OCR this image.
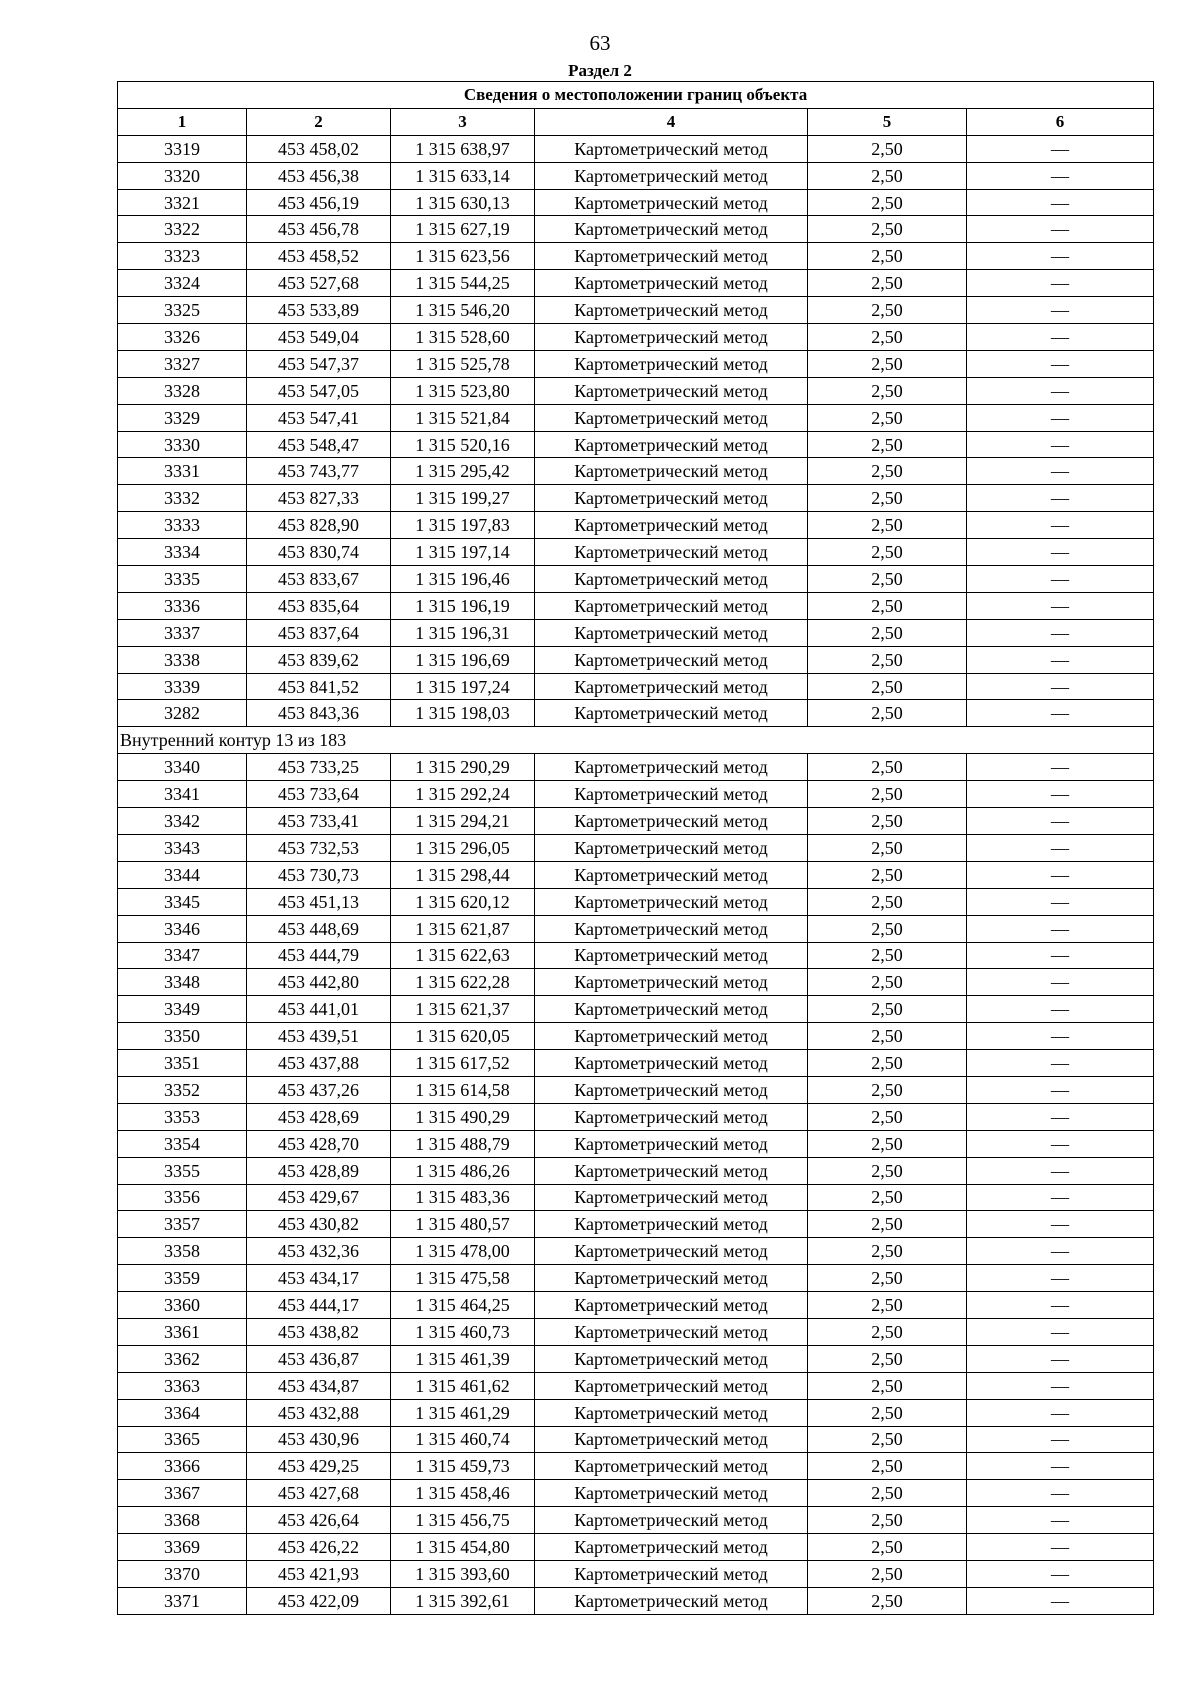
63
Раздел 2
Сведения о местоположении границ объекта					
1	2	3	4	5	6
3319	453 458,02	1 315 638,97	Картометрический метод	2,50	—
3320	453 456,38	1 315 633,14	Картометрический метод	2,50	—
3321	453 456,19	1 315 630,13	Картометрический метод	2,50	—
3322	453 456,78	1 315 627,19	Картометрический метод	2,50	—
3323	453 458,52	1 315 623,56	Картометрический метод	2,50	—
3324	453 527,68	1 315 544,25	Картометрический метод	2,50	—
3325	453 533,89	1 315 546,20	Картометрический метод	2,50	—
3326	453 549,04	1 315 528,60	Картометрический метод	2,50	—
3327	453 547,37	1 315 525,78	Картометрический метод	2,50	—
3328	453 547,05	1 315 523,80	Картометрический метод	2,50	—
3329	453 547,41	1 315 521,84	Картометрический метод	2,50	—
3330	453 548,47	1 315 520,16	Картометрический метод	2,50	—
3331	453 743,77	1 315 295,42	Картометрический метод	2,50	—
3332	453 827,33	1 315 199,27	Картометрический метод	2,50	—
3333	453 828,90	1 315 197,83	Картометрический метод	2,50	—
3334	453 830,74	1 315 197,14	Картометрический метод	2,50	—
3335	453 833,67	1 315 196,46	Картометрический метод	2,50	—
3336	453 835,64	1 315 196,19	Картометрический метод	2,50	—
3337	453 837,64	1 315 196,31	Картометрический метод	2,50	—
3338	453 839,62	1 315 196,69	Картометрический метод	2,50	—
3339	453 841,52	1 315 197,24	Картометрический метод	2,50	—
3282	453 843,36	1 315 198,03	Картометрический метод	2,50	—
Внутренний контур 13 из 183					
3340	453 733,25	1 315 290,29	Картометрический метод	2,50	—
3341	453 733,64	1 315 292,24	Картометрический метод	2,50	—
3342	453 733,41	1 315 294,21	Картометрический метод	2,50	—
3343	453 732,53	1 315 296,05	Картометрический метод	2,50	—
3344	453 730,73	1 315 298,44	Картометрический метод	2,50	—
3345	453 451,13	1 315 620,12	Картометрический метод	2,50	—
3346	453 448,69	1 315 621,87	Картометрический метод	2,50	—
3347	453 444,79	1 315 622,63	Картометрический метод	2,50	—
3348	453 442,80	1 315 622,28	Картометрический метод	2,50	—
3349	453 441,01	1 315 621,37	Картометрический метод	2,50	—
3350	453 439,51	1 315 620,05	Картометрический метод	2,50	—
3351	453 437,88	1 315 617,52	Картометрический метод	2,50	—
3352	453 437,26	1 315 614,58	Картометрический метод	2,50	—
3353	453 428,69	1 315 490,29	Картометрический метод	2,50	—
3354	453 428,70	1 315 488,79	Картометрический метод	2,50	—
3355	453 428,89	1 315 486,26	Картометрический метод	2,50	—
3356	453 429,67	1 315 483,36	Картометрический метод	2,50	—
3357	453 430,82	1 315 480,57	Картометрический метод	2,50	—
3358	453 432,36	1 315 478,00	Картометрический метод	2,50	—
3359	453 434,17	1 315 475,58	Картометрический метод	2,50	—
3360	453 444,17	1 315 464,25	Картометрический метод	2,50	—
3361	453 438,82	1 315 460,73	Картометрический метод	2,50	—
3362	453 436,87	1 315 461,39	Картометрический метод	2,50	—
3363	453 434,87	1 315 461,62	Картометрический метод	2,50	—
3364	453 432,88	1 315 461,29	Картометрический метод	2,50	—
3365	453 430,96	1 315 460,74	Картометрический метод	2,50	—
3366	453 429,25	1 315 459,73	Картометрический метод	2,50	—
3367	453 427,68	1 315 458,46	Картометрический метод	2,50	—
3368	453 426,64	1 315 456,75	Картометрический метод	2,50	—
3369	453 426,22	1 315 454,80	Картометрический метод	2,50	—
3370	453 421,93	1 315 393,60	Картометрический метод	2,50	—
3371	453 422,09	1 315 392,61	Картометрический метод	2,50	—
